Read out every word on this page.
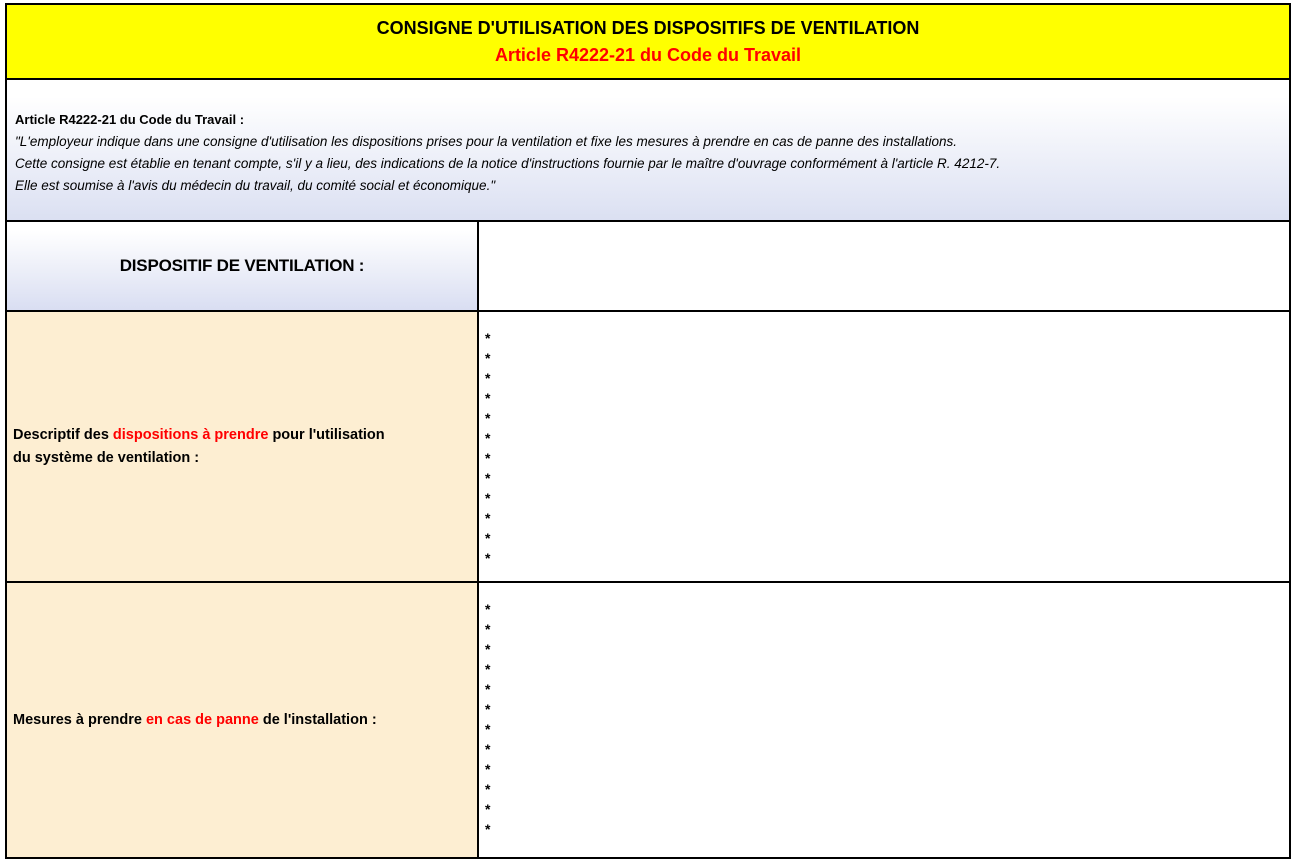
CONSIGNE D'UTILISATION DES DISPOSITIFS DE VENTILATION
Article R4222-21 du Code du Travail
Article R4222-21 du Code du Travail :
"L'employeur indique dans une consigne d'utilisation les dispositions prises pour la ventilation et fixe les mesures à prendre en cas de panne des installations.
Cette consigne est établie en tenant compte, s'il y a lieu, des indications de la notice d'instructions fournie par le maître d'ouvrage conformément à l'article R. 4212-7.
Elle est soumise à l'avis du médecin du travail, du comité social et économique."
DISPOSITIF DE VENTILATION :
Descriptif des dispositions à prendre pour l'utilisation
du système de ventilation :
*
*
*
*
*
*
*
*
*
*
*
*
Mesures à prendre en cas de panne de l'installation :
*
*
*
*
*
*
*
*
*
*
*
*
